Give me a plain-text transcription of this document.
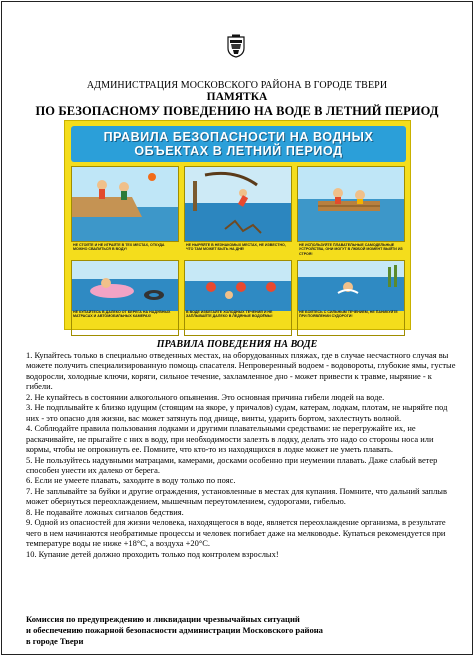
АДМИНИСТРАЦИЯ МОСКОВСКОГО РАЙОНА В ГОРОДЕ ТВЕРИ
ПАМЯТКА
ПО БЕЗОПАСНОМУ ПОВЕДЕНИЮ НА ВОДЕ В ЛЕТНИЙ ПЕРИОД
ПРАВИЛА БЕЗОПАСНОСТИ НА ВОДНЫХ
ОБЪЕКТАХ В ЛЕТНИЙ ПЕРИОД
НЕ СТОЙТЕ И НЕ ИГРАЙТЕ В ТЕХ МЕСТАХ, ОТКУДА МОЖНО СВАЛИТЬСЯ В ВОДУ!
НЕ НЫРЯЙТЕ В НЕЗНАКОМЫХ МЕСТАХ, НЕ ИЗВЕСТНО, ЧТО ТАМ МОЖЕТ БЫТЬ НА ДНЕ!
НЕ ИСПОЛЬЗУЙТЕ ПЛАВАТЕЛЬНЫЕ САМОДЕЛЬНЫЕ УСТРОЙСТВА, ОНИ МОГУТ В ЛЮБОЙ МОМЕНТ ВЫЙТИ ИЗ СТРОЯ!
НЕ КУПАЙТЕСЬ В ДАЛЕКО ОТ БЕРЕГА НА НАДУВНЫХ МАТРАСАХ И АВТОМОБИЛЬНЫХ КАМЕРАХ!
В ВОДЕ ИЗБЕГАЙТЕ ХОЛОДНЫХ ТЕЧЕНИЙ И НЕ ЗАПЛЫВАЙТЕ ДАЛЕКО В ЛЕДЯНЫЕ ВОДОЁМЫ!
НЕ БОЙТЕСЬ С СИЛЬНЫМ ТЕЧЕНИЕМ, НЕ ПАНИКУЙТЕ ПРИ ПОЯВЛЕНИИ СУДОРОГИ!
ПРАВИЛА ПОВЕДЕНИЯ НА ВОДЕ

1. Купайтесь только в специально отведенных местах, на оборудованных пляжах, где в случае несчастного случая вы можете получить специализированную помощь спасателя. Непроверенный водоем - водовороты, глубокие ямы, густые водоросли, холодные ключи, коряги, сильное течение, захламленное дно - может привести к травме, ныряние - к гибели.

2. Не купайтесь в состоянии алкогольного опьянения. Это основная причина гибели людей на воде.

3. Не подплывайте к близко идущим (стоящим на якоре, у причалов) судам, катерам, лодкам, плотам, не ныряйте под них - это опасно для жизни, вас может затянуть под днище, винты, ударить бортом, захлестнуть волной.

4. Соблюдайте правила пользования лодками и другими плавательными средствами: не перегружайте их, не раскачивайте, не прыгайте с них в воду, при необходимости залезть в лодку, делать это надо со стороны носа или кормы, чтобы не опрокинуть ее. Помните, что кто-то из находящихся в лодке может не уметь плавать.

5. Не пользуйтесь надувными матрацами, камерами, досками особенно при неумении плавать. Даже слабый ветер способен унести их далеко от берега.

6. Если не умеете плавать, заходите в воду только по пояс.

7. Не заплывайте за буйки и другие ограждения, установленные в местах для купания. Помните, что дальний заплыв может обернуться переохлаждением, мышечным переутомлением, судорогами, гибелью.

8. Не подавайте ложных сигналов бедствия.

9. Одной из опасностей для жизни человека, находящегося в воде, является переохлаждение организма, в результате чего в нем начинаются необратимые процессы и человек погибает даже на мелководье. Купаться рекомендуется при температуре воды не ниже +18°С, а воздуха +20°С.

10. Купание детей должно проходить только под контролем взрослых!

Комиссия по предупреждению и ликвидации чрезвычайных ситуаций
и обеспечению пожарной безопасности администрации Московского района
в городе Твери
